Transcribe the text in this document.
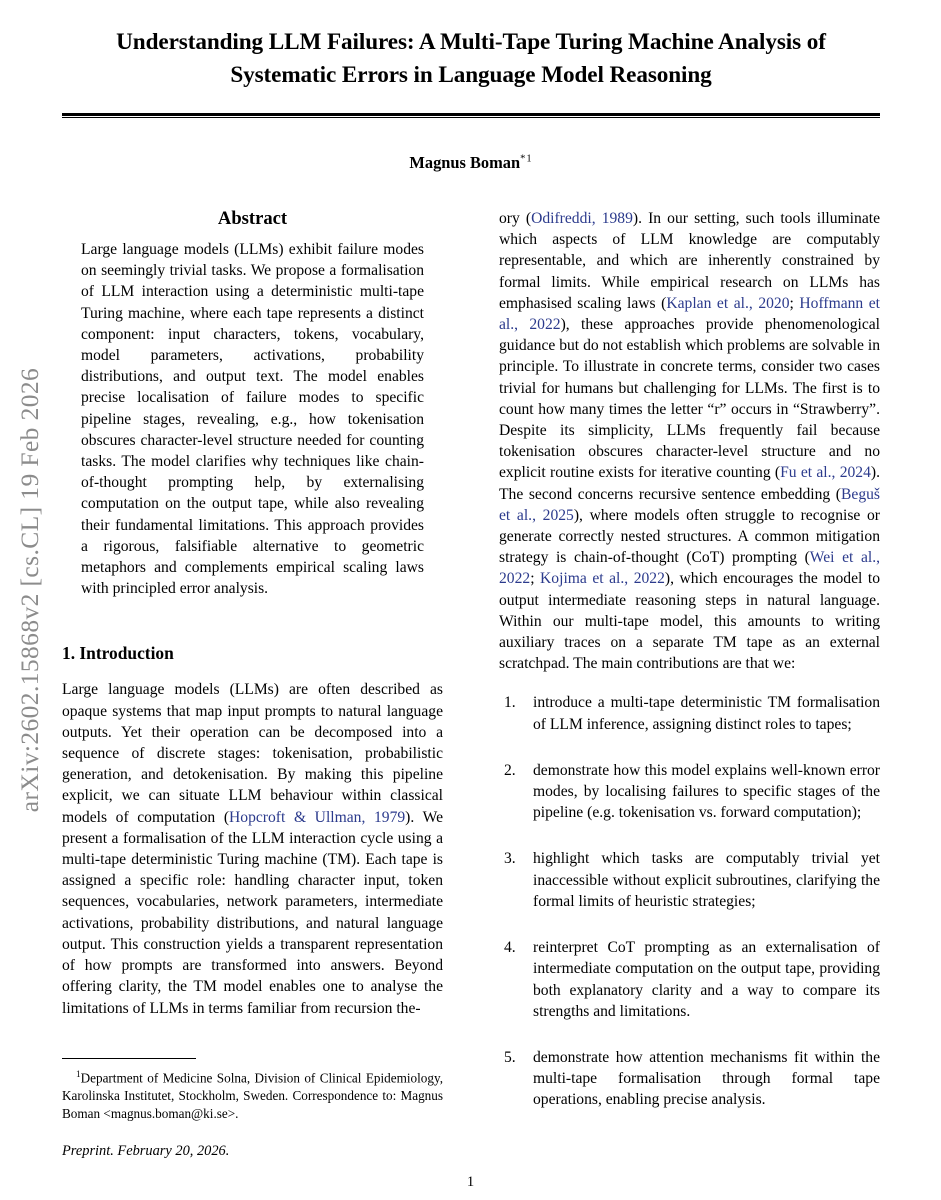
arXiv:2602.15868v2 [cs.CL] 19 Feb 2026
Understanding LLM Failures: A Multi-Tape Turing Machine Analysis of Systematic Errors in Language Model Reasoning
Magnus Boman$^{*1}$
Abstract
Large language models (LLMs) exhibit failure modes on seemingly trivial tasks. We propose a formalisation of LLM interaction using a deterministic multi-tape Turing machine, where each tape represents a distinct component: input characters, tokens, vocabulary, model parameters, activations, probability distributions, and output text. The model enables precise localisation of failure modes to specific pipeline stages, revealing, e.g., how tokenisation obscures character-level structure needed for counting tasks. The model clarifies why techniques like chain-of-thought prompting help, by externalising computation on the output tape, while also revealing their fundamental limitations. This approach provides a rigorous, falsifiable alternative to geometric metaphors and complements empirical scaling laws with principled error analysis.
1. Introduction

Large language models (LLMs) are often described as opaque systems that map input prompts to natural language outputs. Yet their operation can be decomposed into a sequence of discrete stages: tokenisation, probabilistic generation, and detokenisation. By making this pipeline explicit, we can situate LLM behaviour within classical models of computation (Hopcroft & Ullman, 1979). We present a formalisation of the LLM interaction cycle using a multi-tape deterministic Turing machine (TM). Each tape is assigned a specific role: handling character input, token sequences, vocabularies, network parameters, intermediate activations, probability distributions, and natural language output. This construction yields a transparent representation of how prompts are transformed into answers. Beyond offering clarity, the TM model enables one to analyse the limitations of LLMs in terms familiar from recursion the-

ory (Odifreddi, 1989). In our setting, such tools illuminate which aspects of LLM knowledge are computably representable, and which are inherently constrained by formal limits. While empirical research on LLMs has emphasised scaling laws (Kaplan et al., 2020; Hoffmann et al., 2022), these approaches provide phenomenological guidance but do not establish which problems are solvable in principle. To illustrate in concrete terms, consider two cases trivial for humans but challenging for LLMs. The first is to count how many times the letter “r” occurs in “Strawberry”. Despite its simplicity, LLMs frequently fail because tokenisation obscures character-level structure and no explicit routine exists for iterative counting (Fu et al., 2024). The second concerns recursive sentence embedding (Beguš et al., 2025), where models often struggle to recognise or generate correctly nested structures. A common mitigation strategy is chain-of-thought (CoT) prompting (Wei et al., 2022; Kojima et al., 2022), which encourages the model to output intermediate reasoning steps in natural language. Within our multi-tape model, this amounts to writing auxiliary traces on a separate TM tape as an external scratchpad. The main contributions are that we:

introduce a multi-tape deterministic TM formalisation of LLM inference, assigning distinct roles to tapes;
demonstrate how this model explains well-known error modes, by localising failures to specific stages of the pipeline (e.g. tokenisation vs. forward computation);
highlight which tasks are computably trivial yet inaccessible without explicit subroutines, clarifying the formal limits of heuristic strategies;
reinterpret CoT prompting as an externalisation of intermediate computation on the output tape, providing both explanatory clarity and a way to compare its strengths and limitations.
demonstrate how attention mechanisms fit within the multi-tape formalisation through formal tape operations, enabling precise analysis.

$^1$Department of Medicine Solna, Division of Clinical Epidemiology, Karolinska Institutet, Stockholm, Sweden. Correspondence to: Magnus Boman <magnus.boman@ki.se>.

Preprint. February 20, 2026.
1
